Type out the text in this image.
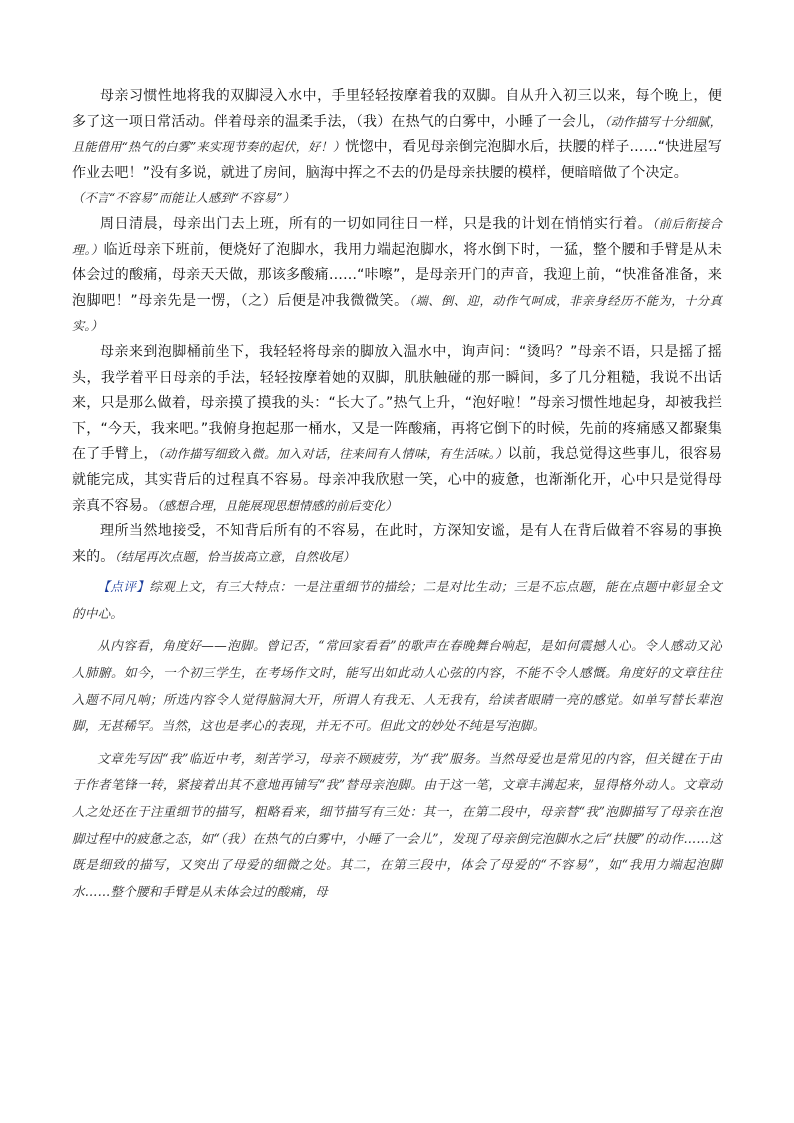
母亲习惯性地将我的双脚浸入水中，手里轻轻按摩着我的双脚。自从升入初三以来，每个晚上，便多了这一项日常活动。伴着母亲的温柔手法，（我）在热气的白雾中，小睡了一会儿，（动作描写十分细腻，且能借用“热气的白雾”来实现节奏的起伏，好！）恍惚中，看见母亲倒完泡脚水后，扶腰的样子……“快进屋写作业去吧！”没有多说，就进了房间，脑海中挥之不去的仍是母亲扶腰的模样，便暗暗做了个决定。

（不言“不容易”而能让人感到“不容易”）

周日清晨，母亲出门去上班，所有的一切如同往日一样，只是我的计划在悄悄实行着。（前后衔接合理。）临近母亲下班前，便烧好了泡脚水，我用力端起泡脚水，将水倒下时，一猛，整个腰和手臂是从未体会过的酸痛，母亲天天做，那该多酸痛……“咔嚓”，是母亲开门的声音，我迎上前，“快准备准备，来泡脚吧！”母亲先是一愣，（之）后便是冲我微微笑。（端、倒、迎，动作气呵成，非亲身经历不能为，十分真实。）

母亲来到泡脚桶前坐下，我轻轻将母亲的脚放入温水中，询声问：“烫吗？”母亲不语，只是摇了摇头，我学着平日母亲的手法，轻轻按摩着她的双脚，肌肤触碰的那一瞬间，多了几分粗糙，我说不出话来，只是那么做着，母亲摸了摸我的头：“长大了。”热气上升，“泡好啦！”母亲习惯性地起身，却被我拦下，“今天，我来吧。”我俯身抱起那一桶水，又是一阵酸痛，再将它倒下的时候，先前的疼痛感又都聚集在了手臂上，（动作描写细致入微。加入对话，往来间有人情味，有生活味。）以前，我总觉得这些事儿，很容易就能完成，其实背后的过程真不容易。母亲冲我欣慰一笑，心中的疲惫，也渐渐化开，心中只是觉得母亲真不容易。（感想合理，且能展现思想情感的前后变化）

理所当然地接受，不知背后所有的不容易，在此时，方深知安谧，是有人在背后做着不容易的事换来的。（结尾再次点题，恰当拔高立意，自然收尾）

【点评】综观上文，有三大特点：一是注重细节的描绘；二是对比生动；三是不忘点题，能在点题中彰显全文的中心。

从内容看，角度好——泡脚。曾记否，“常回家看看”的歌声在春晚舞台响起，是如何震撼人心。令人感动又沁人肺腑。如今，一个初三学生，在考场作文时，能写出如此动人心弦的内容，不能不令人感慨。角度好的文章往往入题不同凡响；所选内容令人觉得脑洞大开，所谓人有我无、人无我有，给读者眼睛一亮的感觉。如单写替长辈泡脚，无甚稀罕。当然，这也是孝心的表现，并无不可。但此文的妙处不纯是写泡脚。

文章先写因“我”临近中考，刻苦学习，母亲不顾疲劳，为“我”服务。当然母爱也是常见的内容，但关键在于由于作者笔锋一转，紧接着出其不意地再铺写“我”替母亲泡脚。由于这一笔，文章丰满起来，显得格外动人。文章动人之处还在于注重细节的描写，粗略看来，细节描写有三处：其一，在第二段中，母亲替“我”泡脚描写了母亲在泡脚过程中的疲惫之态，如“（我）在热气的白雾中，小睡了一会儿”，发现了母亲倒完泡脚水之后“扶腰”的动作……这既是细致的描写，又突出了母爱的细微之处。其二，在第三段中，体会了母爱的“不容易”，如“我用力端起泡脚水……整个腰和手臂是从未体会过的酸痛，母
